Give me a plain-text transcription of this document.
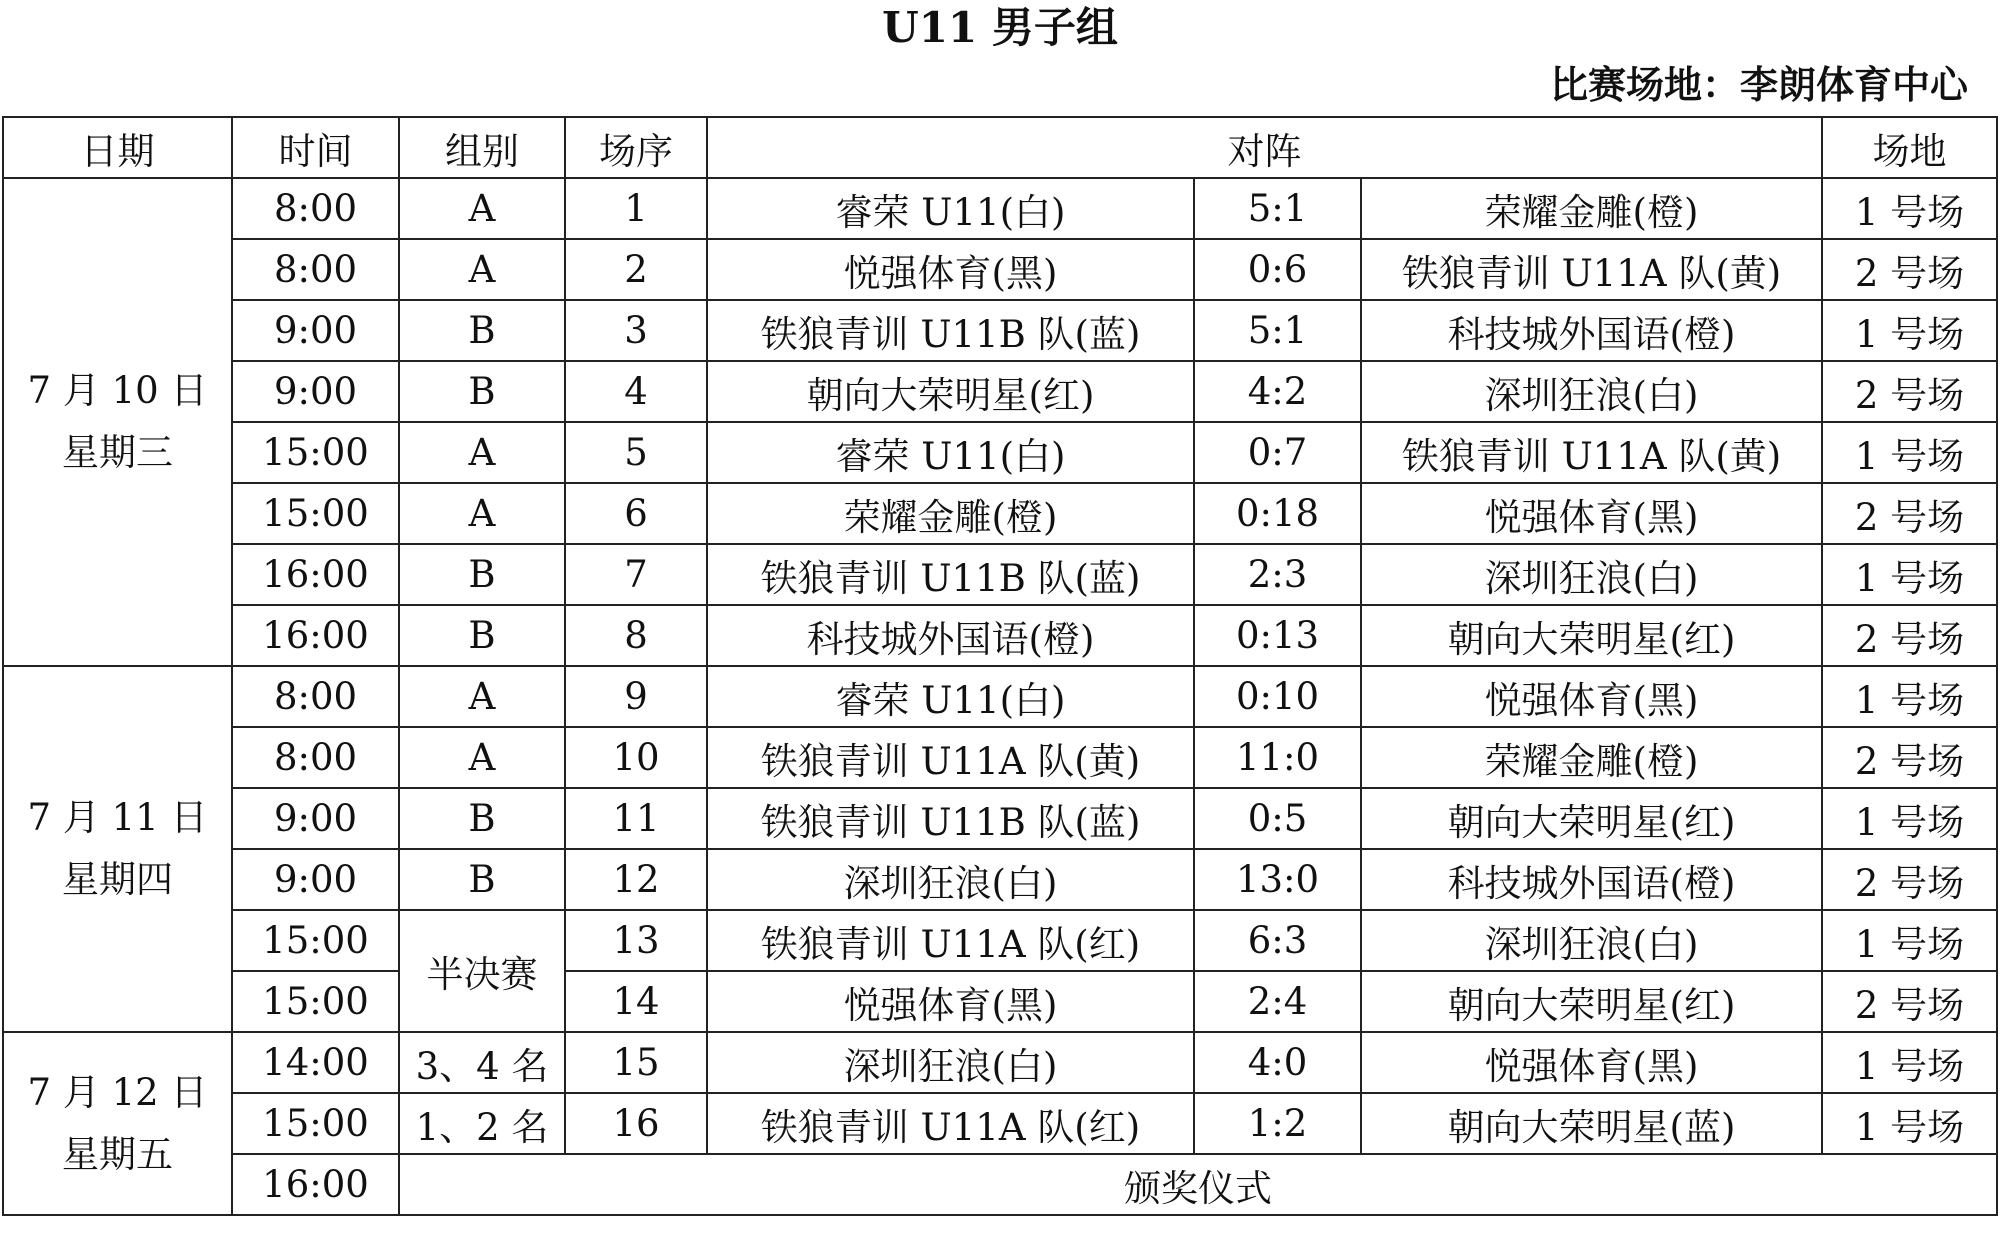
U11 男子组
比赛场地：李朗体育中心
日期	时间	组别	场序	对阵			场地

7 月 10 日
星期三	8:00	A	1	睿荣 U11(白)	5:1	荣耀金雕(橙)	1 号场
	8:00	A	2	悦强体育(黑)	0:6	铁狼青训 U11A 队(黄)	2 号场
	9:00	B	3	铁狼青训 U11B 队(蓝)	5:1	科技城外国语(橙)	1 号场
	9:00	B	4	朝向大荣明星(红)	4:2	深圳狂浪(白)	2 号场
	15:00	A	5	睿荣 U11(白)	0:7	铁狼青训 U11A 队(黄)	1 号场
	15:00	A	6	荣耀金雕(橙)	0:18	悦强体育(黑)	2 号场
	16:00	B	7	铁狼青训 U11B 队(蓝)	2:3	深圳狂浪(白)	1 号场
	16:00	B	8	科技城外国语(橙)	0:13	朝向大荣明星(红)	2 号场

7 月 11 日
星期四	8:00	A	9	睿荣 U11(白)	0:10	悦强体育(黑)	1 号场
	8:00	A	10	铁狼青训 U11A 队(黄)	11:0	荣耀金雕(橙)	2 号场
	9:00	B	11	铁狼青训 U11B 队(蓝)	0:5	朝向大荣明星(红)	1 号场
	9:00	B	12	深圳狂浪(白)	13:0	科技城外国语(橙)	2 号场
	15:00	半决赛	13	铁狼青训 U11A 队(红)	6:3	深圳狂浪(白)	1 号场
	15:00		14	悦强体育(黑)	2:4	朝向大荣明星(红)	2 号场

7 月 12 日
星期五	14:00	3、4 名	15	深圳狂浪(白)	4:0	悦强体育(黑)	1 号场
	15:00	1、2 名	16	铁狼青训 U11A 队(红)	1:2	朝向大荣明星(蓝)	1 号场
	16:00	颁奖仪式					
